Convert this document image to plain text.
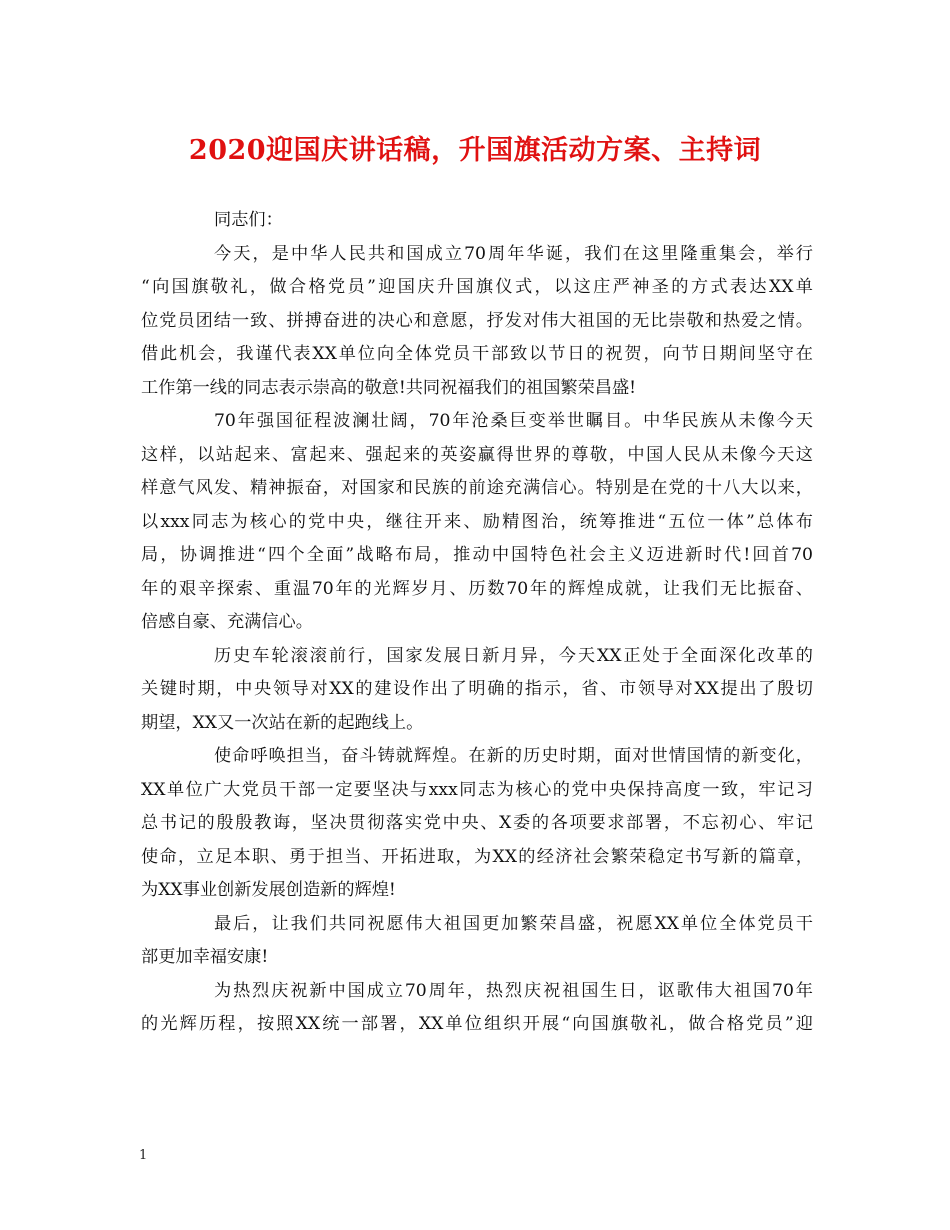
2020迎国庆讲话稿，升国旗活动方案、主持词
同志们：
今天，是中华人民共和国成立70周年华诞，我们在这里隆重集会，举行
“向国旗敬礼，做合格党员”迎国庆升国旗仪式，以这庄严神圣的方式表达XX单
位党员团结一致、拼搏奋进的决心和意愿，抒发对伟大祖国的无比崇敬和热爱之情。
借此机会，我谨代表XX单位向全体党员干部致以节日的祝贺，向节日期间坚守在
工作第一线的同志表示崇高的敬意!共同祝福我们的祖国繁荣昌盛!
70年强国征程波澜壮阔，70年沧桑巨变举世瞩目。中华民族从未像今天
这样，以站起来、富起来、强起来的英姿赢得世界的尊敬，中国人民从未像今天这
样意气风发、精神振奋，对国家和民族的前途充满信心。特别是在党的十八大以来，
以xxx同志为核心的党中央，继往开来、励精图治，统筹推进“五位一体”总体布
局，协调推进“四个全面”战略布局，推动中国特色社会主义迈进新时代!回首70
年的艰辛探索、重温70年的光辉岁月、历数70年的辉煌成就，让我们无比振奋、
倍感自豪、充满信心。
历史车轮滚滚前行，国家发展日新月异，今天XX正处于全面深化改革的
关键时期，中央领导对XX的建设作出了明确的指示，省、市领导对XX提出了殷切
期望，XX又一次站在新的起跑线上。
使命呼唤担当，奋斗铸就辉煌。在新的历史时期，面对世情国情的新变化，
XX单位广大党员干部一定要坚决与xxx同志为核心的党中央保持高度一致，牢记习
总书记的殷殷教诲，坚决贯彻落实党中央、X委的各项要求部署，不忘初心、牢记
使命，立足本职、勇于担当、开拓进取，为XX的经济社会繁荣稳定书写新的篇章，
为XX事业创新发展创造新的辉煌!
最后，让我们共同祝愿伟大祖国更加繁荣昌盛，祝愿XX单位全体党员干
部更加幸福安康!
为热烈庆祝新中国成立70周年，热烈庆祝祖国生日，讴歌伟大祖国70年
的光辉历程，按照XX统一部署，XX单位组织开展“向国旗敬礼，做合格党员”迎
1
